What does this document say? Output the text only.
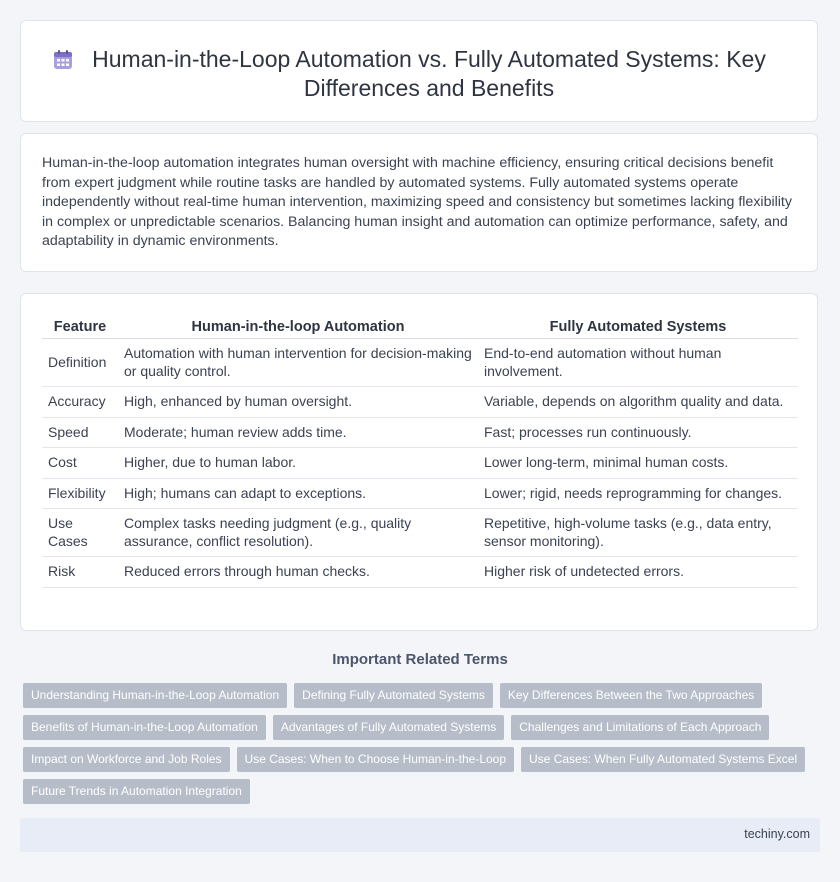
Human-in-the-Loop Automation vs. Fully Automated Systems: Key Differences and Benefits

Human-in-the-loop automation integrates human oversight with machine efficiency, ensuring critical decisions benefit from expert judgment while routine tasks are handled by automated systems. Fully automated systems operate independently without real-time human intervention, maximizing speed and consistency but sometimes lacking flexibility in complex or unpredictable scenarios. Balancing human insight and automation can optimize performance, safety, and adaptability in dynamic environments.

Feature	Human-in-the-loop Automation	Fully Automated Systems
Definition	Automation with human intervention for decision-making or quality control.	End-to-end automation without human involvement.
Accuracy	High, enhanced by human oversight.	Variable, depends on algorithm quality and data.
Speed	Moderate; human review adds time.	Fast; processes run continuously.
Cost	Higher, due to human labor.	Lower long-term, minimal human costs.
Flexibility	High; humans can adapt to exceptions.	Lower; rigid, needs reprogramming for changes.
Use Cases	Complex tasks needing judgment (e.g., quality assurance, conflict resolution).	Repetitive, high-volume tasks (e.g., data entry, sensor monitoring).
Risk	Reduced errors through human checks.	Higher risk of undetected errors.
Important Related Terms
Understanding Human-in-the-Loop Automation	Defining Fully Automated Systems	Key Differences Between the Two Approaches
Benefits of Human-in-the-Loop Automation	Advantages of Fully Automated Systems	Challenges and Limitations of Each Approach
Impact on Workforce and Job Roles	Use Cases: When to Choose Human-in-the-Loop	Use Cases: When Fully Automated Systems Excel
Future Trends in Automation Integration
techiny.com
